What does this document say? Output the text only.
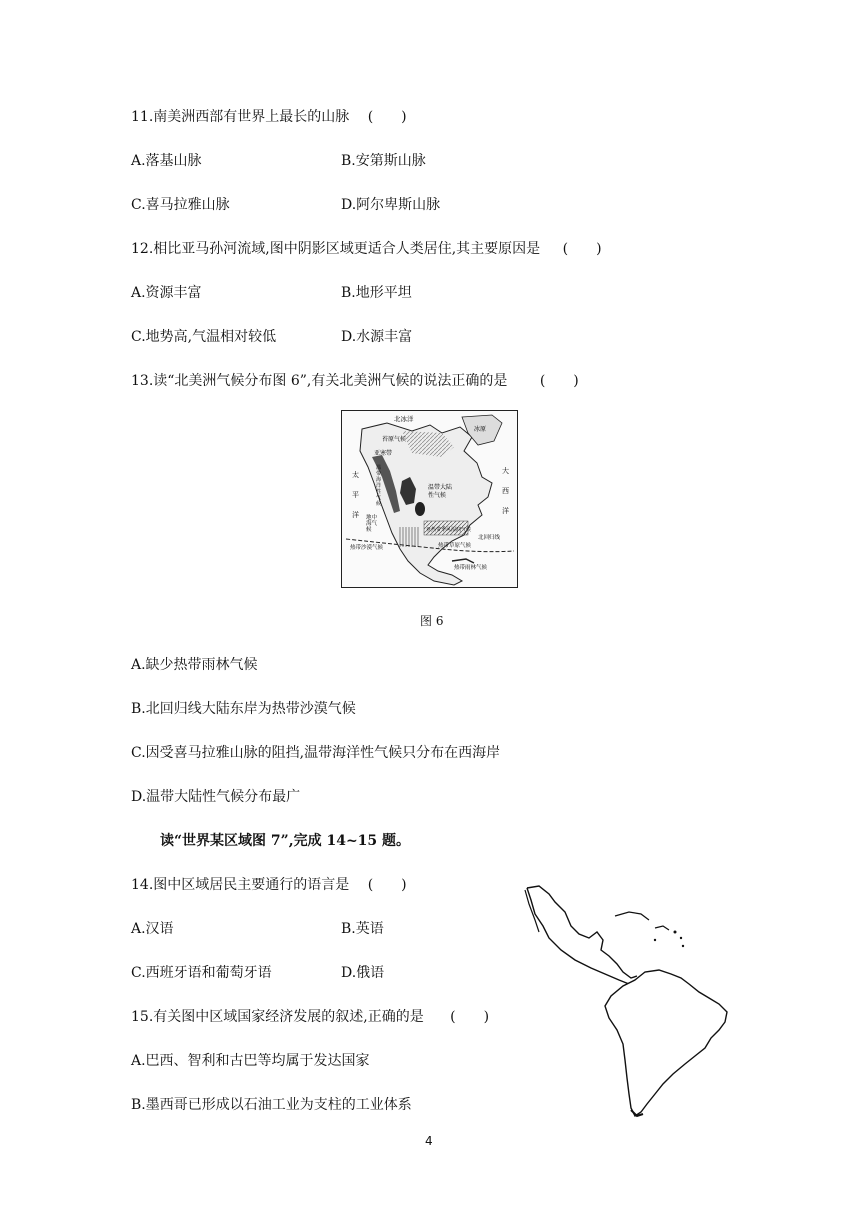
11.南美洲西部有世界上最长的山脉 (　　)
A.落基山脉	B.安第斯山脉
C.喜马拉雅山脉	D.阿尔卑斯山脉
12.相比亚马孙河流域,图中阴影区域更适合人类居住,其主要原因是 (　　)
A.资源丰富	B.地形平坦
C.地势高,气温相对较低	D.水源丰富
13.读“北美洲气候分布图 6”,有关北美洲气候的说法正确的是 (　　)
北冰洋
苔原气候
冰原
亚寒带
太
平
洋
大
西
洋
温
带
海
洋
性
气
候
温带大陆
性气候
地中
海气
候	亚热带季风湿润气候
热带沙漠气候	热带草原气候
北回归线
热带雨林气候
图 6
A.缺少热带雨林气候
B.北回归线大陆东岸为热带沙漠气候
C.因受喜马拉雅山脉的阻挡,温带海洋性气候只分布在西海岸
D.温带大陆性气候分布最广
读“世界某区域图 7”,完成 14~15 题。
14.图中区域居民主要通行的语言是 (　　)
A.汉语	B.英语
C.西班牙语和葡萄牙语	D.俄语
15.有关图中区域国家经济发展的叙述,正确的是 (　　)
A.巴西、智利和古巴等均属于发达国家
B.墨西哥已形成以石油工业为支柱的工业体系
4
